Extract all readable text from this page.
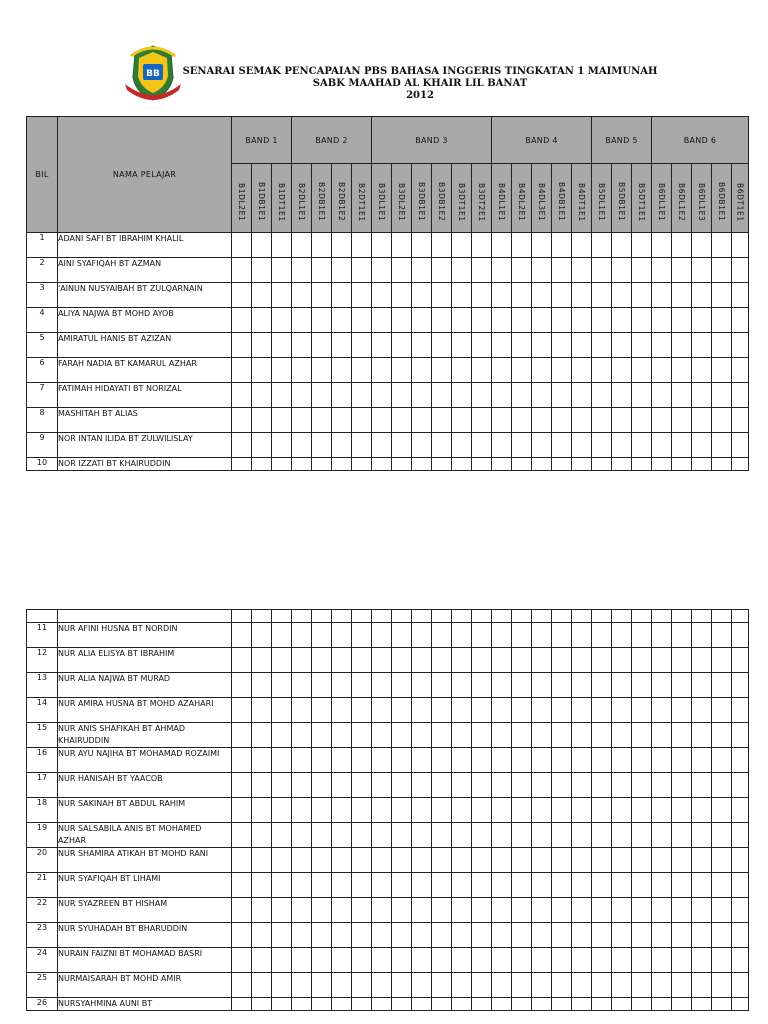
BB	SENARAI SEMAK PENCAPAIAN PBS BAHASA INGGERIS TINGKATAN 1 MAIMUNAH
SABK MAAHAD AL KHAIR LIL BANAT
2012
BIL	NAMA PELAJAR	BAND 1			BAND 2				BAND 3						BAND 4					BAND 5			BAND 6				

		B1DL2E1	B1DB1E1	B1DT1E1	B2DL1E1	B2DB1E1	B2DB1E2	B2DT1E1	B3DL1E1	B3DL2E1	B3DB1E1	B3DB1E2	B3DT1E1	B3DT2E1	B4DL1E1	B4DL2E1	B4DL3E1	B4DB1E1	B4DT1E1	B5DL1E1	B5DB1E1	B5DT1E1	B6DL1E1	B6DL1E2	B6DL1E3	B6DB1E1	B6DT1E1

1	ADANI SAFI BT IBRAHIM KHALIL																										
2	AINI SYAFIQAH BT AZMAN																										
3	'AINUN NUSYAIBAH BT ZULQARNAIN																										
4	ALIYA NAJWA BT MOHD AYOB																										
5	AMIRATUL HANIS BT AZIZAN																										
6	FARAH NADIA BT KAMARUL AZHAR																										
7	FATIMAH HIDAYATI BT NORIZAL																										
8	MASHITAH BT ALIAS																										
9	NOR INTAN ILIDA BT ZULWILISLAY																										
10	NOR IZZATI BT KHAIRUDDIN																										

11	NUR AFINI HUSNA BT NORDIN																										
12	NUR ALIA ELISYA BT IBRAHIM																										
13	NUR ALIA NAJWA BT MURAD																										
14	NUR AMIRA HUSNA BT MOHD AZAHARI																										
15	NUR ANIS SHAFIKAH BT AHMAD KHAIRUDDIN																										
16	NUR AYU NAJIHA BT MOHAMAD ROZAIMI																										
17	NUR HANISAH BT YAACOB																										
18	NUR SAKINAH BT ABDUL RAHIM																										
19	NUR SALSABILA ANIS BT MOHAMED AZHAR																										
20	NUR SHAMIRA ATIKAH BT MOHD RANI																										
21	NUR SYAFIQAH BT LIHAMI																										
22	NUR SYAZREEN BT HISHAM																										
23	NUR SYUHADAH BT BHARUDDIN																										
24	NURAIN FAIZNI BT MOHAMAD BASRI																										
25	NURMAISARAH BT MOHD AMIR																										
26	NURSYAHMINA AUNI BT																										
